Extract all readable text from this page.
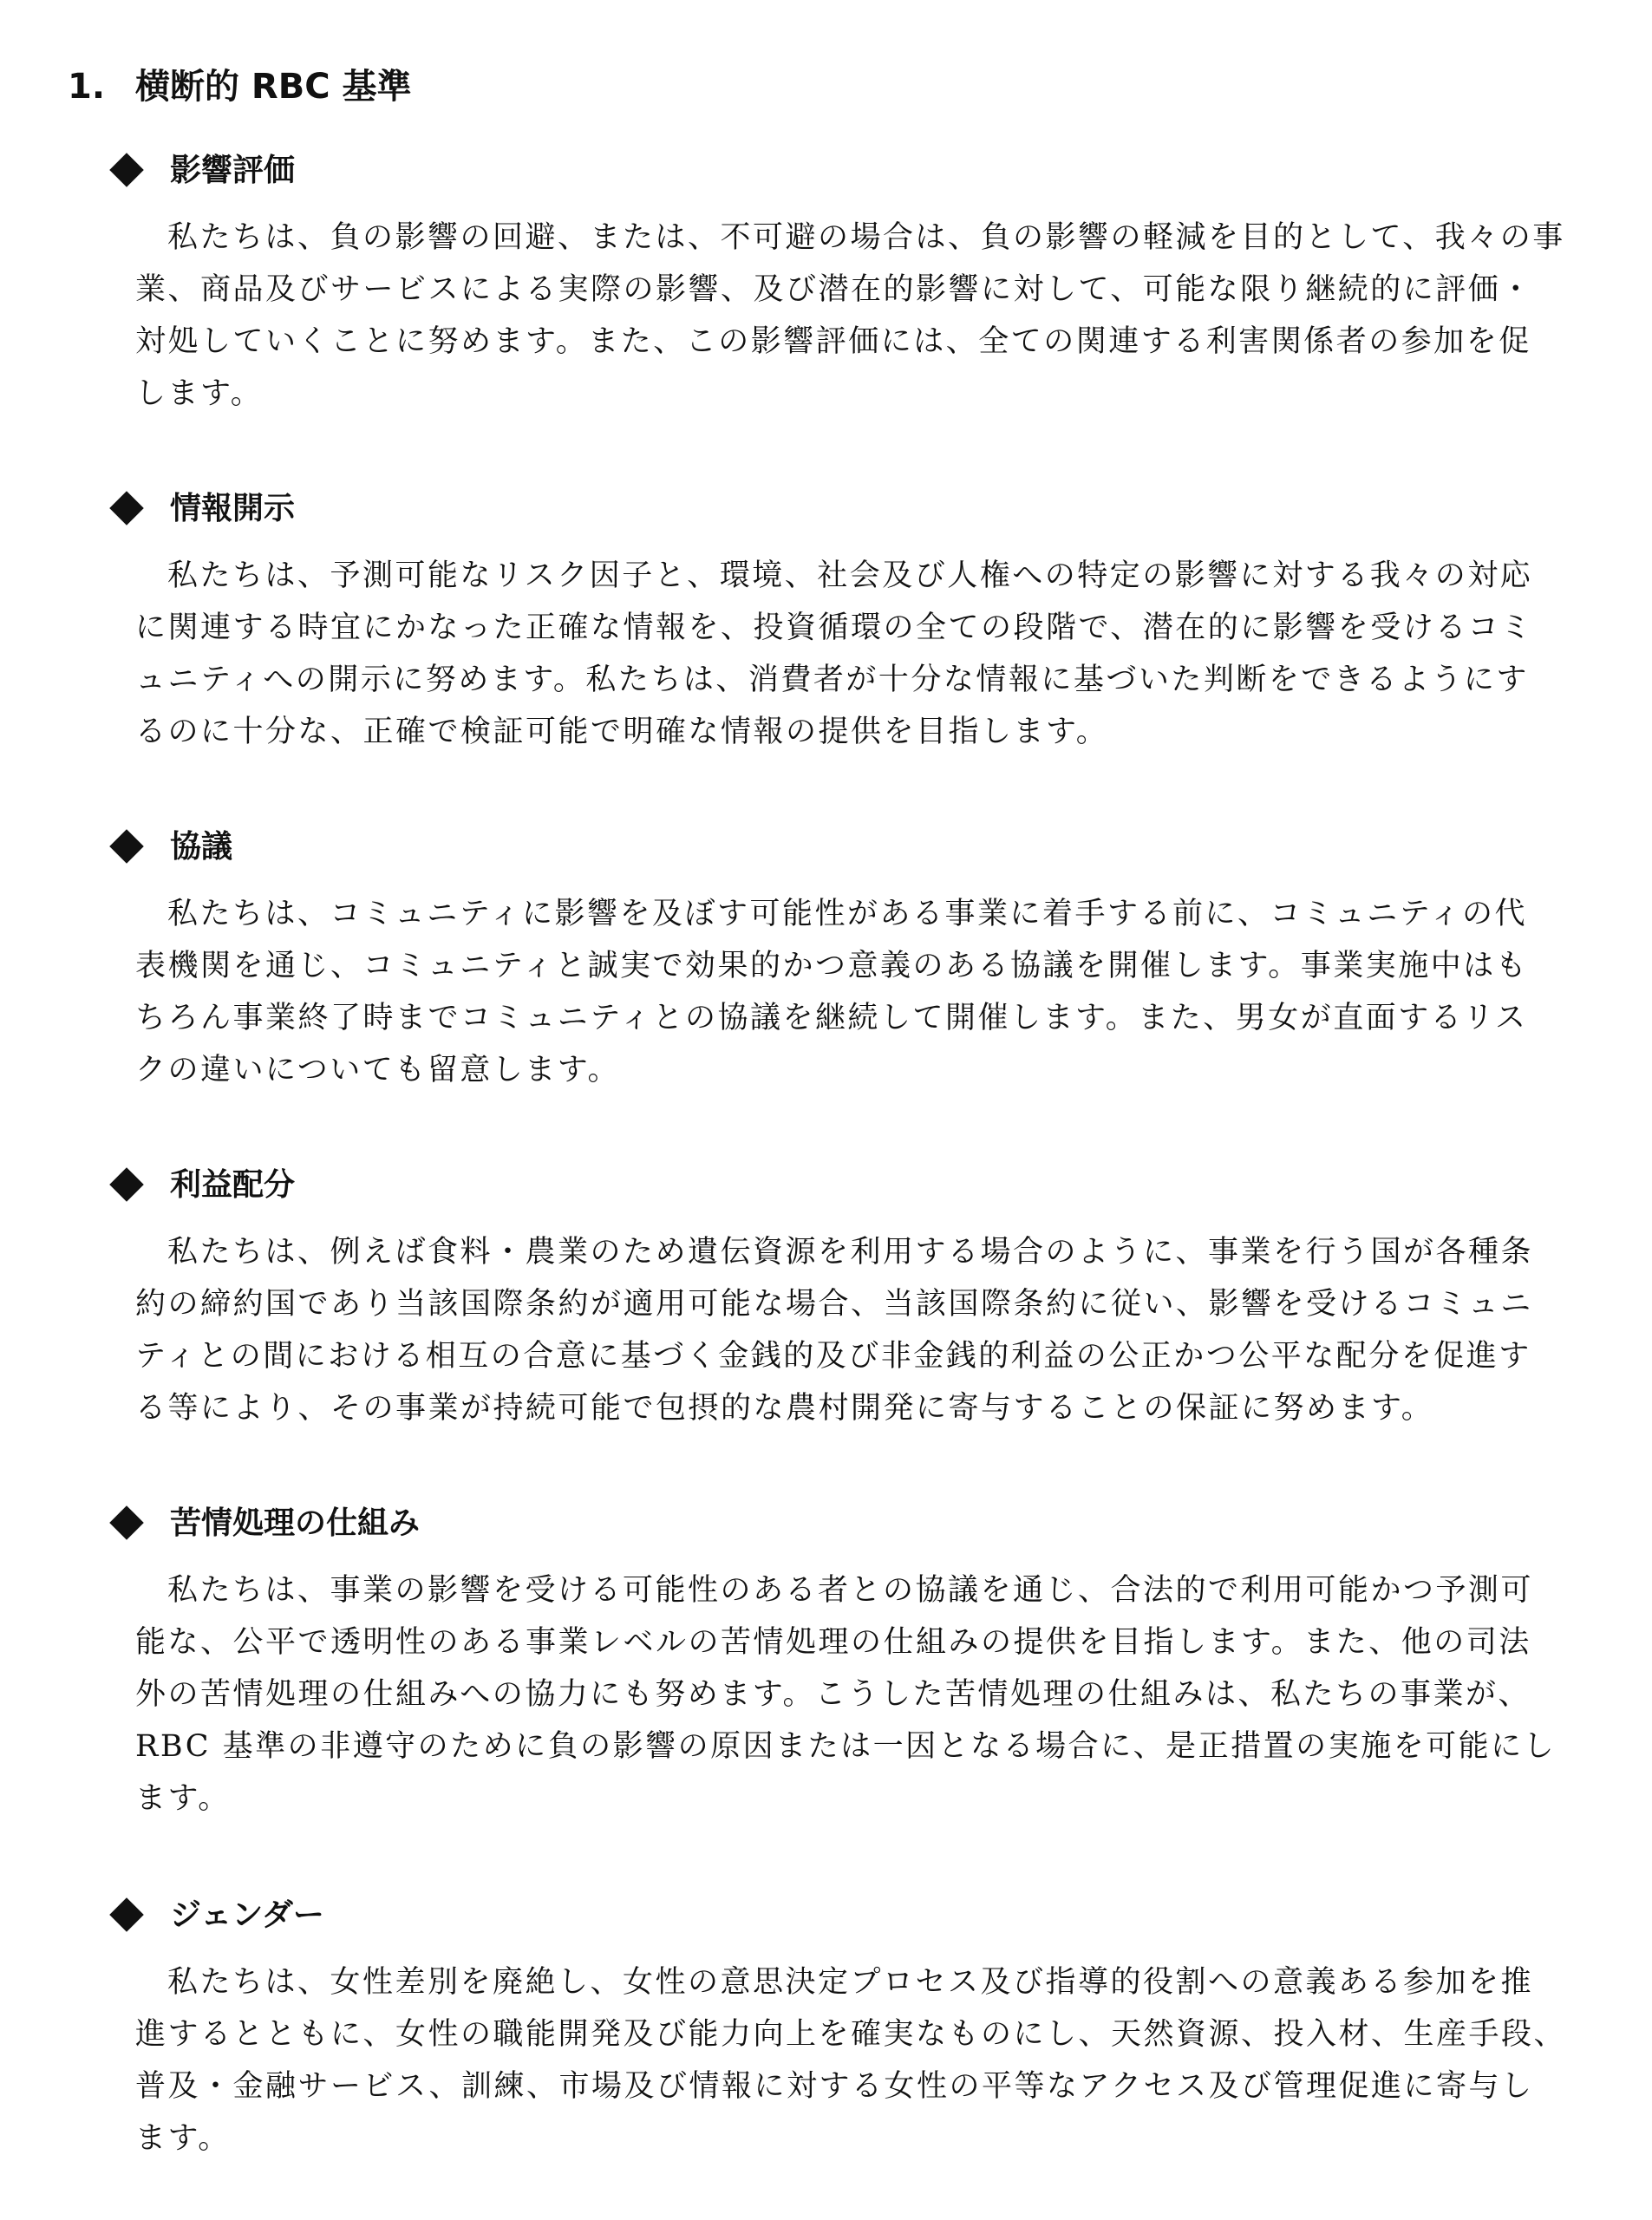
1. 横断的 RBC 基準
影響評価
私たちは、負の影響の回避、または、不可避の場合は、負の影響の軽減を目的として、我々の事
業、商品及びサービスによる実際の影響、及び潜在的影響に対して、可能な限り継続的に評価・
対処していくことに努めます。また、この影響評価には、全ての関連する利害関係者の参加を促
します。
情報開示
私たちは、予測可能なリスク因子と、環境、社会及び人権への特定の影響に対する我々の対応
に関連する時宜にかなった正確な情報を、投資循環の全ての段階で、潜在的に影響を受けるコミ
ュニティへの開示に努めます。私たちは、消費者が十分な情報に基づいた判断をできるようにす
るのに十分な、正確で検証可能で明確な情報の提供を目指します。
協議
私たちは、コミュニティに影響を及ぼす可能性がある事業に着手する前に、コミュニティの代
表機関を通じ、コミュニティと誠実で効果的かつ意義のある協議を開催します。事業実施中はも
ちろん事業終了時までコミュニティとの協議を継続して開催します。また、男女が直面するリス
クの違いについても留意します。
利益配分
私たちは、例えば食料・農業のため遺伝資源を利用する場合のように、事業を行う国が各種条
約の締約国であり当該国際条約が適用可能な場合、当該国際条約に従い、影響を受けるコミュニ
ティとの間における相互の合意に基づく金銭的及び非金銭的利益の公正かつ公平な配分を促進す
る等により、その事業が持続可能で包摂的な農村開発に寄与することの保証に努めます。
苦情処理の仕組み
私たちは、事業の影響を受ける可能性のある者との協議を通じ、合法的で利用可能かつ予測可
能な、公平で透明性のある事業レベルの苦情処理の仕組みの提供を目指します。また、他の司法
外の苦情処理の仕組みへの協力にも努めます。こうした苦情処理の仕組みは、私たちの事業が、
RBC 基準の非遵守のために負の影響の原因または一因となる場合に、是正措置の実施を可能にし
ます。
ジェンダー
私たちは、女性差別を廃絶し、女性の意思決定プロセス及び指導的役割への意義ある参加を推
進するとともに、女性の職能開発及び能力向上を確実なものにし、天然資源、投入材、生産手段、
普及・金融サービス、訓練、市場及び情報に対する女性の平等なアクセス及び管理促進に寄与し
ます。
